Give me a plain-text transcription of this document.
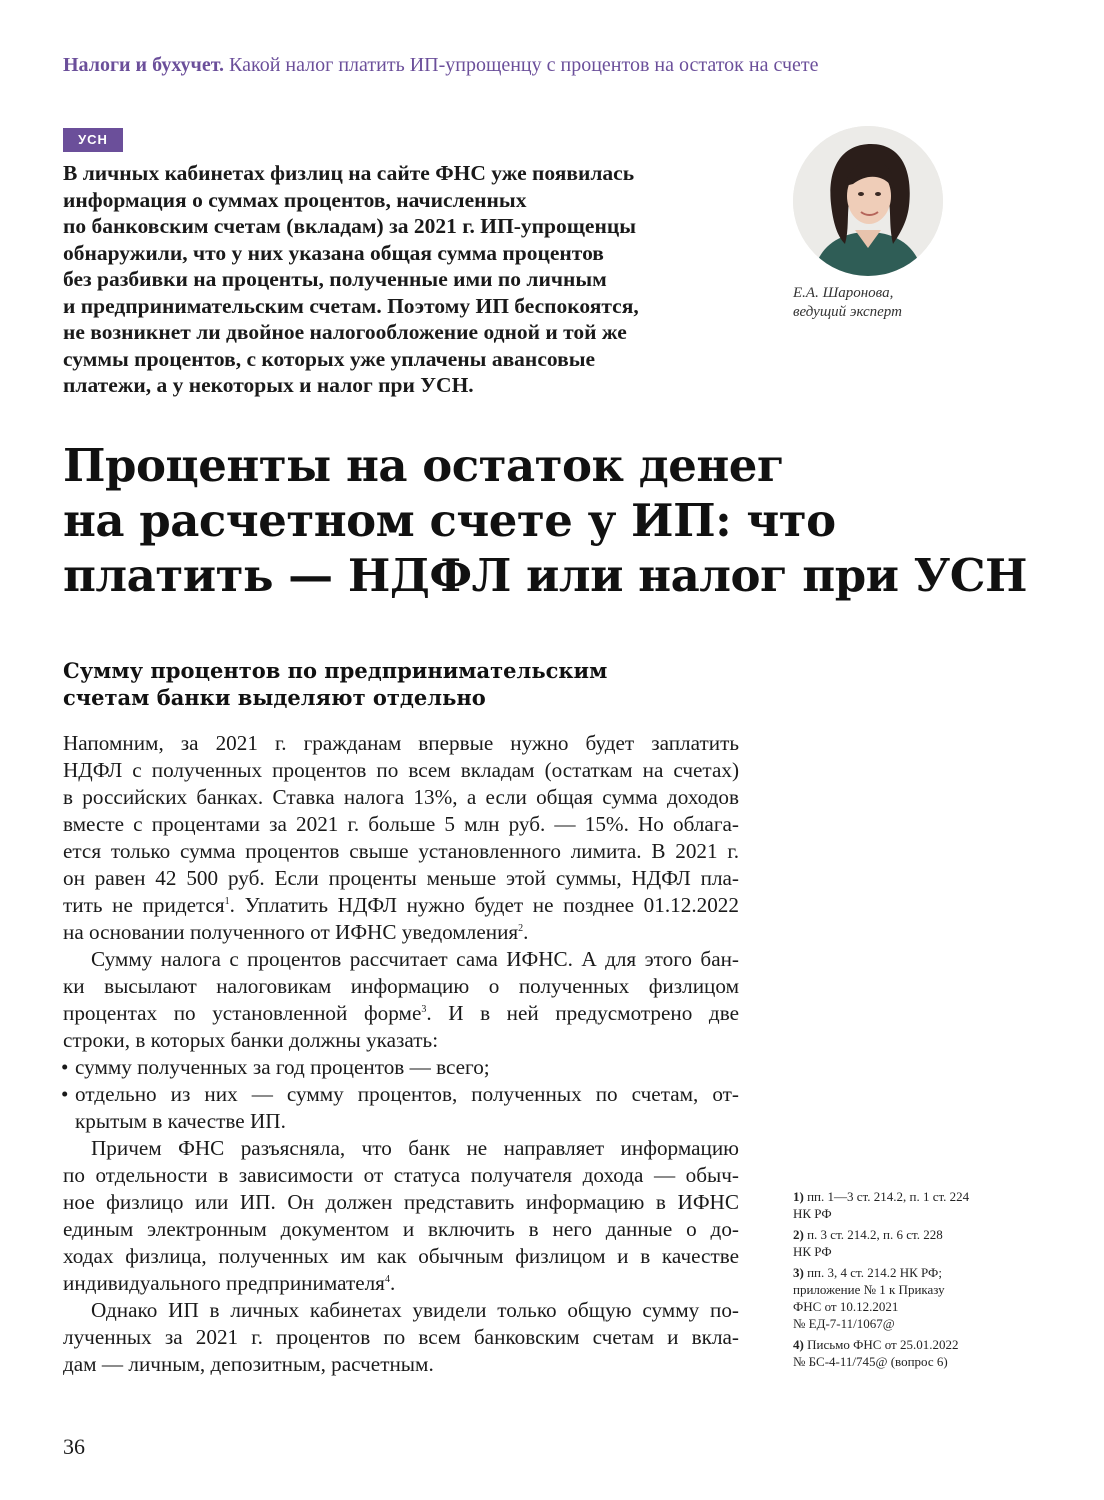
Налоги и бухучет. Какой налог платить ИП-упрощенцу с процентов на остаток на счете
УСН
В личных кабинетах физлиц на сайте ФНС уже появилась
информация о суммах процентов, начисленных
по банковским счетам (вкладам) за 2021 г. ИП-упрощенцы
обнаружили, что у них указана общая сумма процентов
без разбивки на проценты, полученные ими по личным
и предпринимательским счетам. Поэтому ИП беспокоятся,
не возникнет ли двойное налогообложение одной и той же
суммы процентов, с которых уже уплачены авансовые
платежи, а у некоторых и налог при УСН.
Е.А. Шаронова,
ведущий эксперт
Проценты на остаток денег
на расчетном счете у ИП: что
платить — НДФЛ или налог при УСН
Сумму процентов по предпринимательским
счетам банки выделяют отдельно
Напомним, за 2021 г. гражданам впервые нужно будет заплатить
НДФЛ с полученных процентов по всем вкладам (остаткам на счетах)
в российских банках. Ставка налога 13%, а если общая сумма доходов
вместе с процентами за 2021 г. больше 5 млн руб. — 15%. Но облага-
ется только сумма процентов свыше установленного лимита. В 2021 г.
он равен 42 500 руб. Если проценты меньше этой суммы, НДФЛ пла-
тить не придется$^1$. Уплатить НДФЛ нужно будет не позднее 01.12.2022
на основании полученного от ИФНС уведомления$^2$.
Сумму налога с процентов рассчитает сама ИФНС. А для этого бан-
ки высылают налоговикам информацию о полученных физлицом
процентах по установленной форме$^3$. И в ней предусмотрено две
строки, в которых банки должны указать:
• сумму полученных за год процентов — всего;
• отдельно из них — сумму процентов, полученных по счетам, от-
крытым в качестве ИП.
Причем ФНС разъясняла, что банк не направляет информацию
по отдельности в зависимости от статуса получателя дохода — обыч-
ное физлицо или ИП. Он должен представить информацию в ИФНС
единым электронным документом и включить в него данные о до-
ходах физлица, полученных им как обычным физлицом и в качестве
индивидуального предпринимателя$^4$.
Однако ИП в личных кабинетах увидели только общую сумму по-
лученных за 2021 г. процентов по всем банковским счетам и вкла-
дам — личным, депозитным, расчетным.
1) пп. 1—3 ст. 214.2, п. 1 ст. 224
НК РФ
2) п. 3 ст. 214.2, п. 6 ст. 228
НК РФ
3) пп. 3, 4 ст. 214.2 НК РФ;
приложение № 1 к Приказу
ФНС от 10.12.2021
№ ЕД-7-11/1067@
4) Письмо ФНС от 25.01.2022
№ БС-4-11/745@ (вопрос 6)
36
